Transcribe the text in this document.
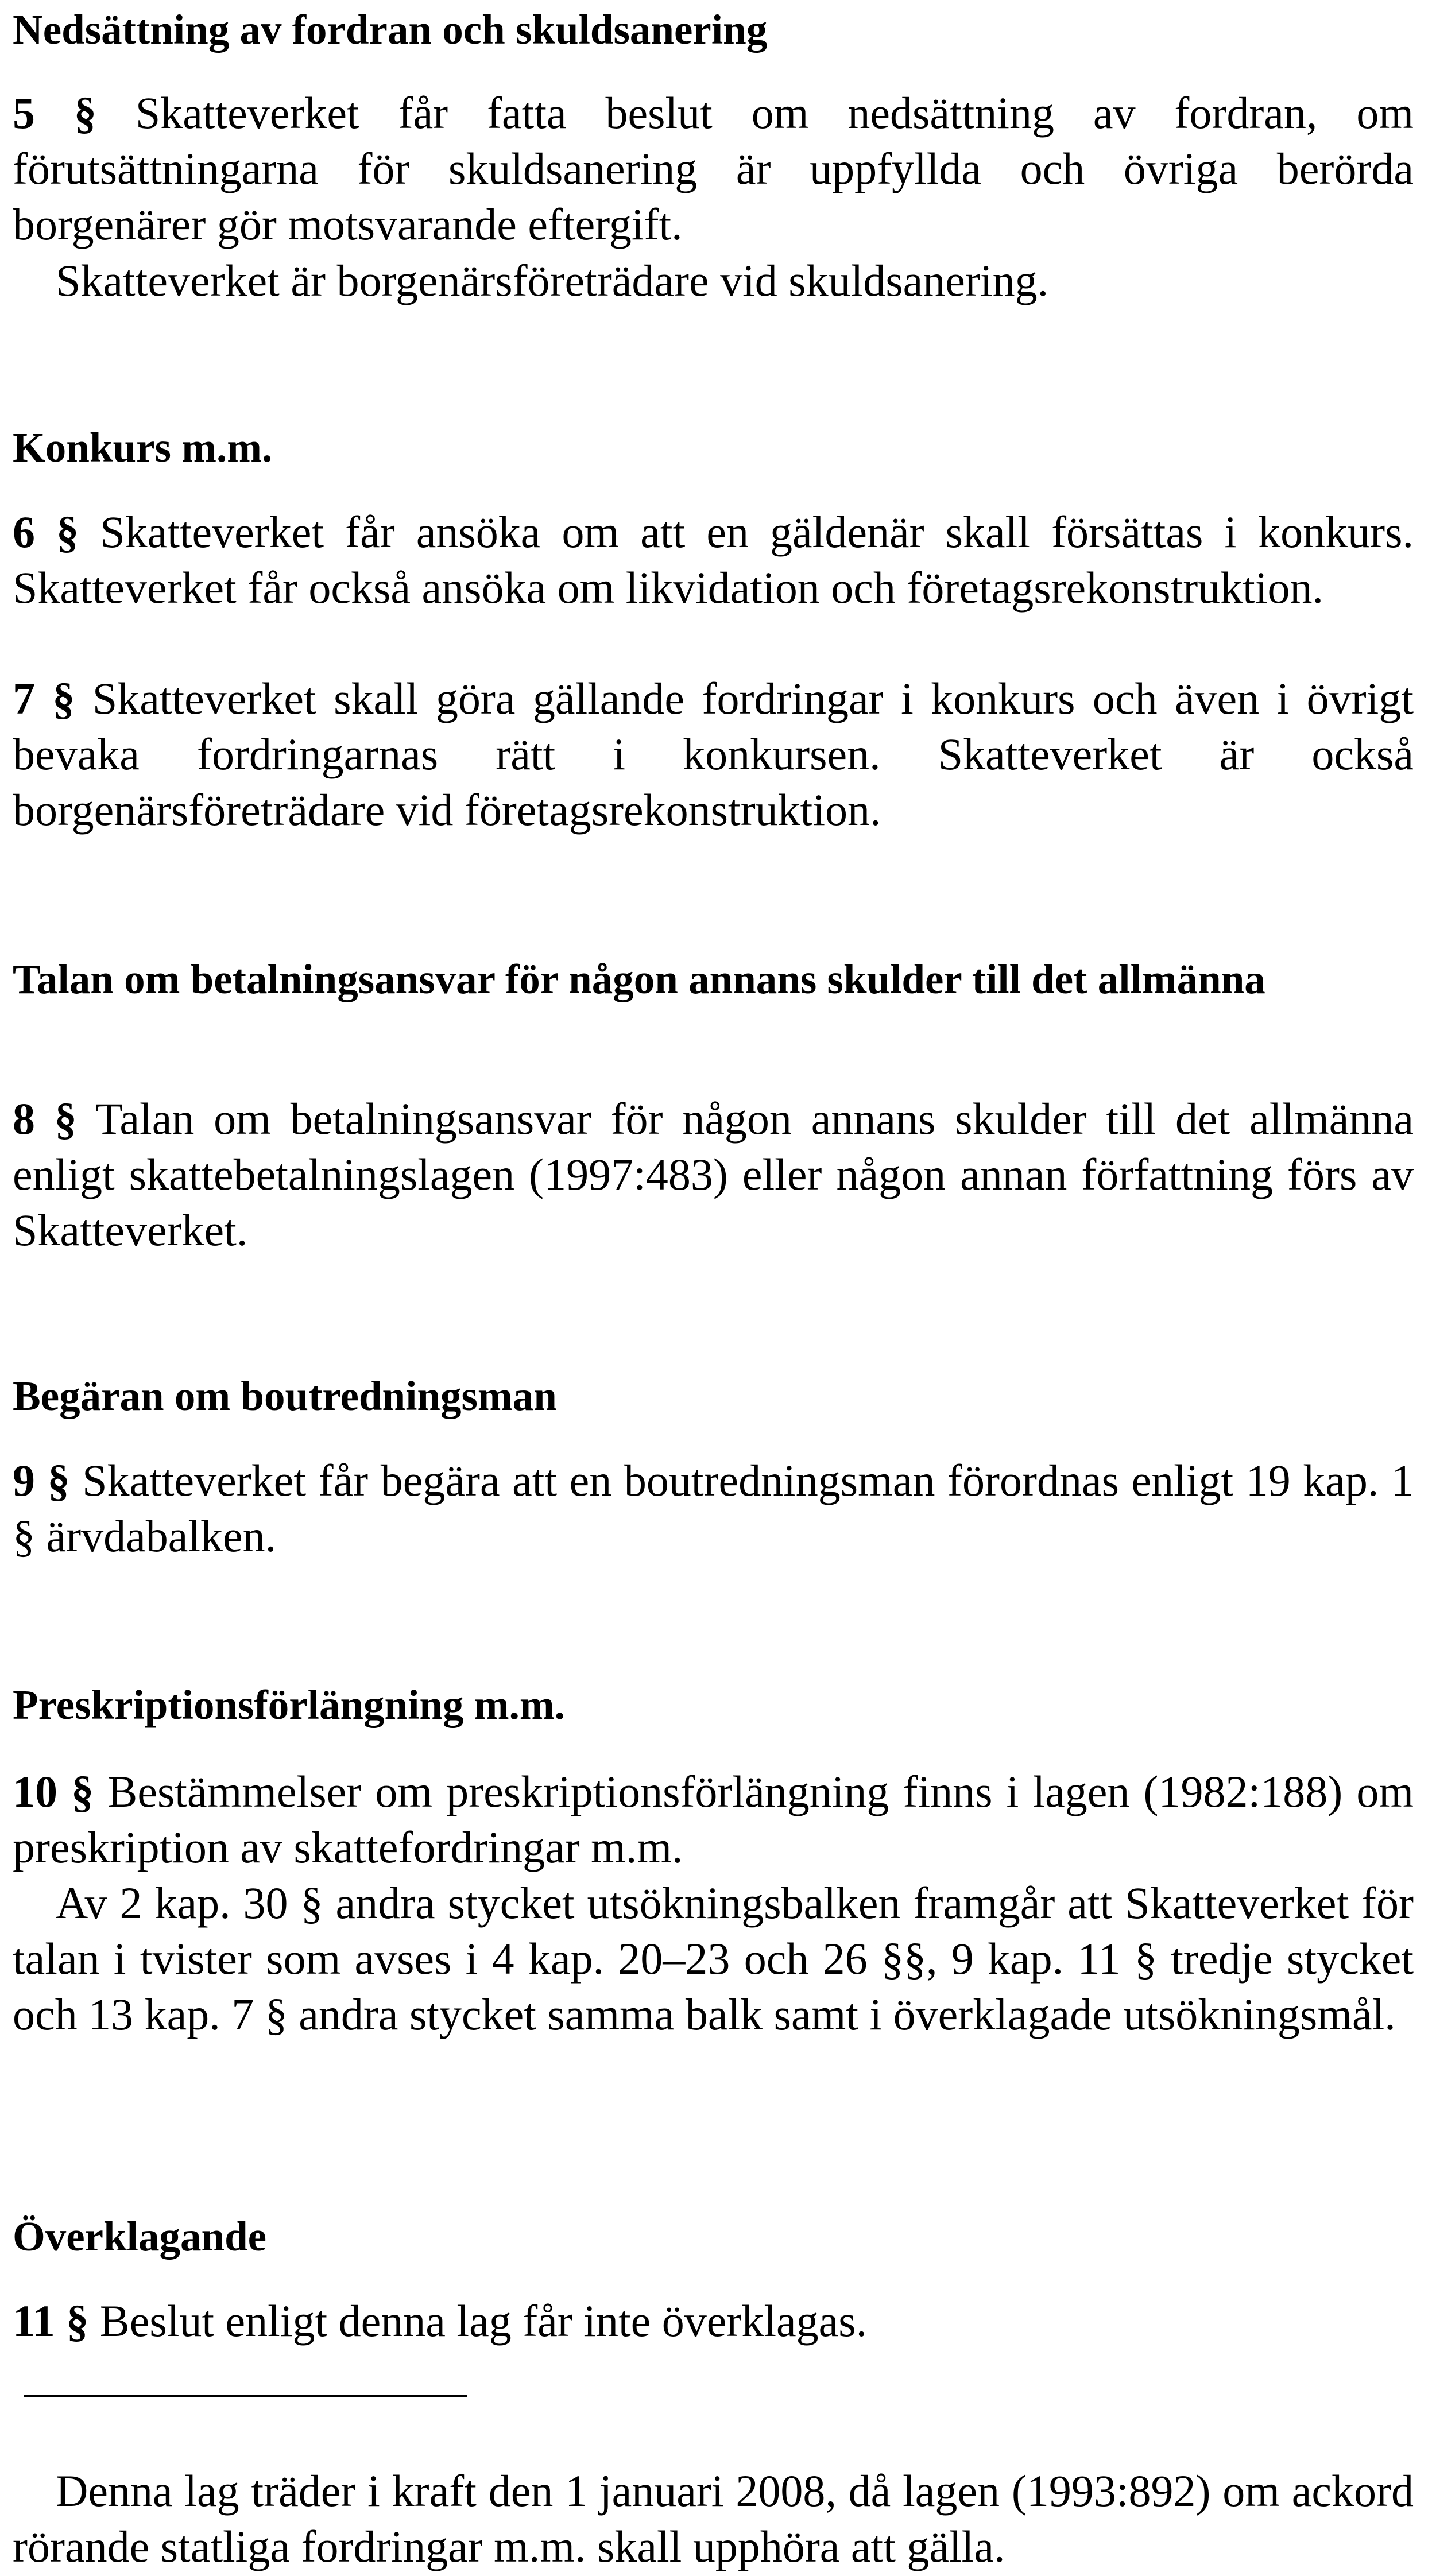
Nedsättning av fordran och skuldsanering

5 § Skatteverket får fatta beslut om nedsättning av fordran, om förutsättningarna för skuldsanering är uppfyllda och övriga berörda borgenärer gör motsvarande eftergift.

Skatteverket är borgenärsföreträdare vid skuldsanering.

Konkurs m.m.

6 § Skatteverket får ansöka om att en gäldenär skall försättas i konkurs. Skatteverket får också ansöka om likvidation och företagsrekonstruktion.

7 § Skatteverket skall göra gällande fordringar i konkurs och även i övrigt bevaka fordringarnas rätt i konkursen. Skatteverket är också borgenärsföreträdare vid företagsrekonstruktion.

Talan om betalningsansvar för någon annans skulder till det allmänna

8 § Talan om betalningsansvar för någon annans skulder till det allmänna enligt skattebetalningslagen (1997:483) eller någon annan författning förs av Skatteverket.

Begäran om boutredningsman

9 § Skatteverket får begära att en boutredningsman förordnas enligt 19 kap. 1 § ärvdabalken.

Preskriptionsförlängning m.m.

10 § Bestämmelser om preskriptionsförlängning finns i lagen (1982:188) om preskription av skattefordringar m.m.

Av 2 kap. 30 § andra stycket utsökningsbalken framgår att Skatteverket för talan i tvister som avses i 4 kap. 20–23 och 26 §§, 9 kap. 11 § tredje stycket och 13 kap. 7 § andra stycket samma balk samt i överklagade utsökningsmål.

Överklagande

11 § Beslut enligt denna lag får inte överklagas.

Denna lag träder i kraft den 1 januari 2008, då lagen (1993:892) om ackord rörande statliga fordringar m.m. skall upphöra att gälla.
